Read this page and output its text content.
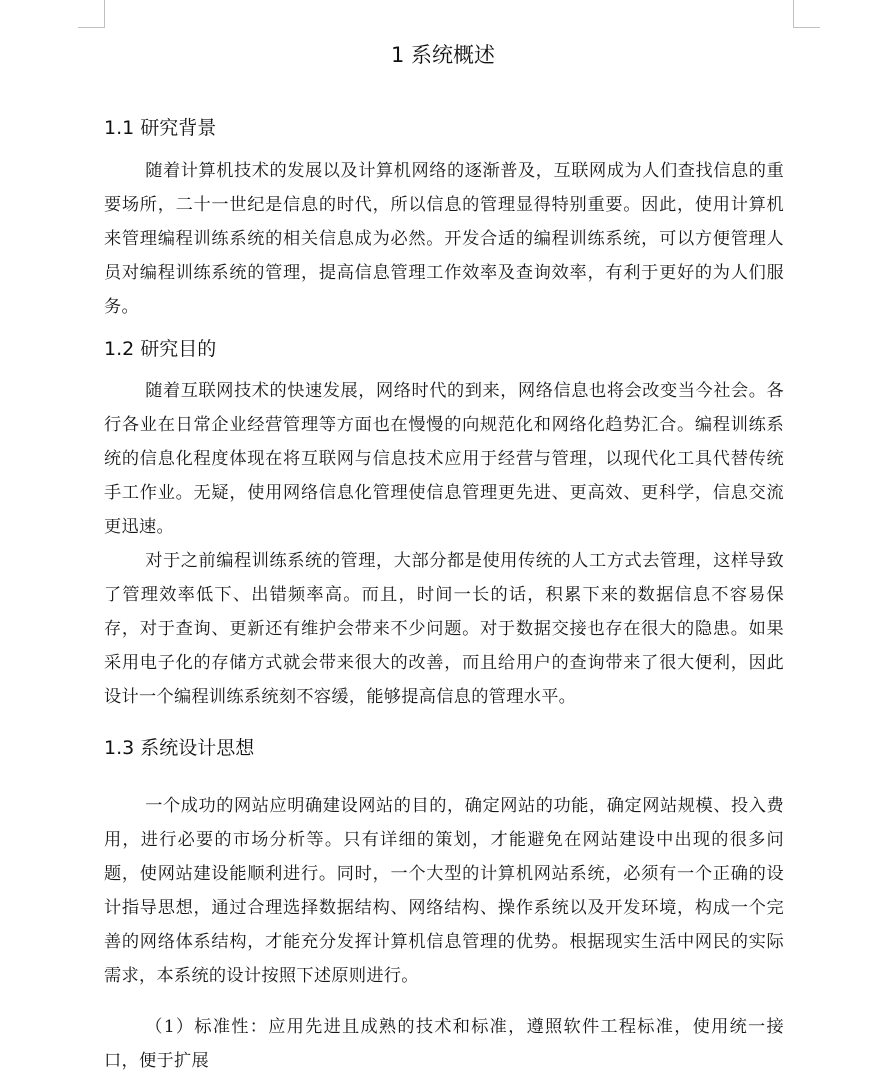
1 系统概述
1.1 研究背景
随着计算机技术的发展以及计算机网络的逐渐普及，互联网成为人们查找信息的重要场所，二十一世纪是信息的时代，所以信息的管理显得特别重要。因此，使用计算机来管理编程训练系统的相关信息成为必然。开发合适的编程训练系统，可以方便管理人员对编程训练系统的管理，提高信息管理工作效率及查询效率，有利于更好的为人们服务。
1.2 研究目的
随着互联网技术的快速发展，网络时代的到来，网络信息也将会改变当今社会。各行各业在日常企业经营管理等方面也在慢慢的向规范化和网络化趋势汇合。编程训练系统的信息化程度体现在将互联网与信息技术应用于经营与管理，以现代化工具代替传统手工作业。无疑，使用网络信息化管理使信息管理更先进、更高效、更科学，信息交流更迅速。
对于之前编程训练系统的管理，大部分都是使用传统的人工方式去管理，这样导致了管理效率低下、出错频率高。而且，时间一长的话，积累下来的数据信息不容易保存，对于查询、更新还有维护会带来不少问题。对于数据交接也存在很大的隐患。如果采用电子化的存储方式就会带来很大的改善，而且给用户的查询带来了很大便利，因此设计一个编程训练系统刻不容缓，能够提高信息的管理水平。
1.3 系统设计思想
一个成功的网站应明确建设网站的目的，确定网站的功能，确定网站规模、投入费用，进行必要的市场分析等。只有详细的策划，才能避免在网站建设中出现的很多问题，使网站建设能顺利进行。同时，一个大型的计算机网站系统，必须有一个正确的设计指导思想，通过合理选择数据结构、网络结构、操作系统以及开发环境，构成一个完善的网络体系结构，才能充分发挥计算机信息管理的优势。根据现实生活中网民的实际需求，本系统的设计按照下述原则进行。
（1）标准性：应用先进且成熟的技术和标准，遵照软件工程标准，使用统一接口，便于扩展
